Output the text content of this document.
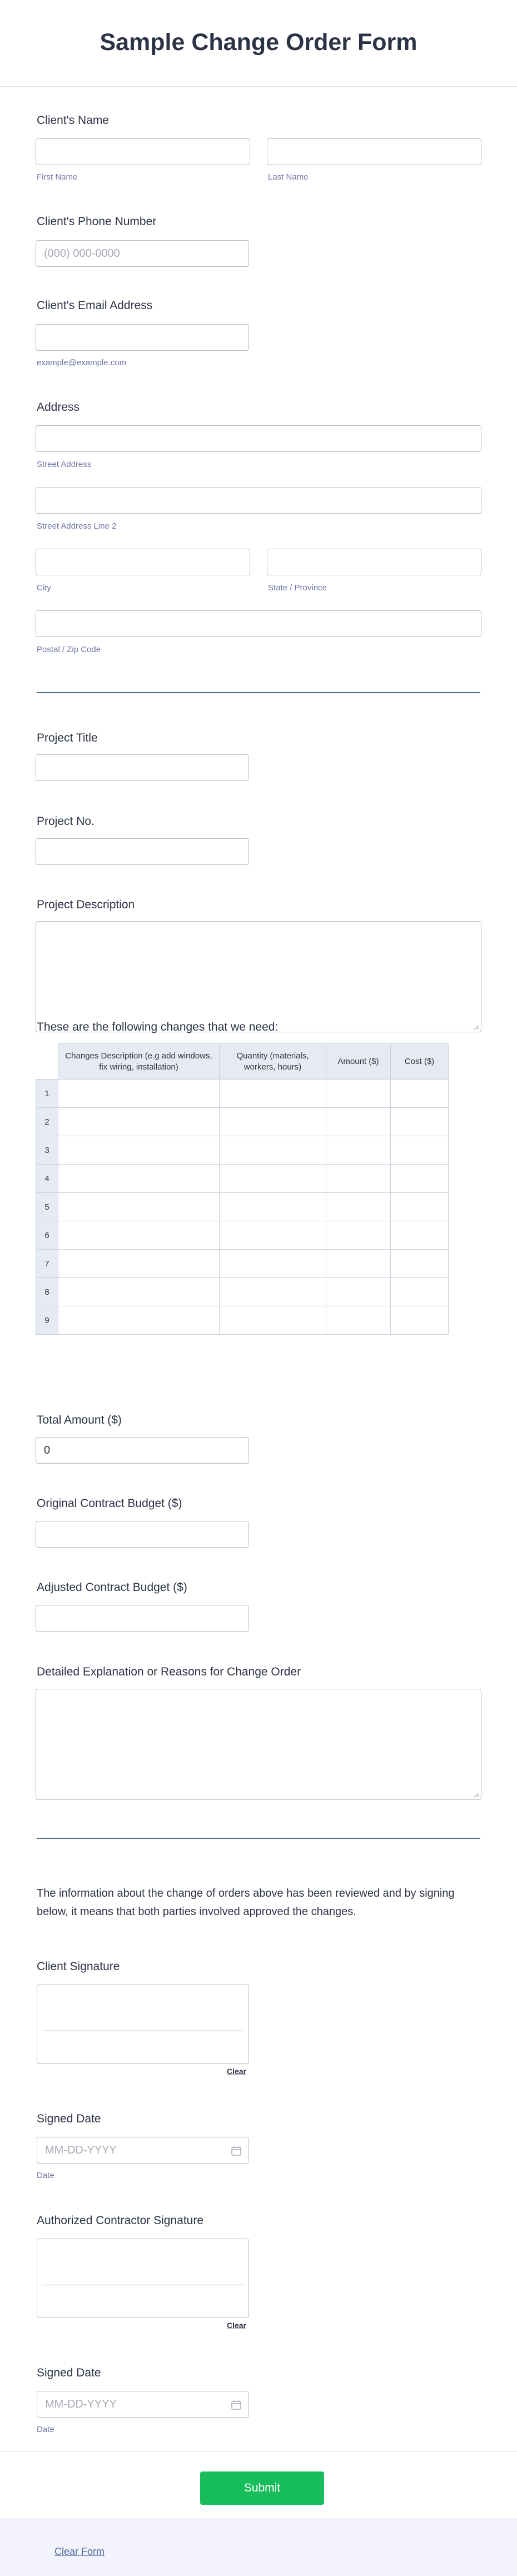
Sample Change Order Form
Client's Name
First Name	Last Name
Client's Phone Number
(000) 000-0000
Client's Email Address
example@example.com
Address
Street Address
Street Address Line 2
City	State / Province
Postal / Zip Code
Project Title
Project No.
Project Description
These are the following changes that we need:
	Changes Description (e.g add windows, fix wiring, installation)	Quantity (materials, workers, hours)	Amount ($)	Cost ($)
1				
2				
3				
4				
5				
6				
7				
8				
9				
Total Amount ($)
0
Original Contract Budget ($)
Adjusted Contract Budget ($)
Detailed Explanation or Reasons for Change Order
The information about the change of orders above has been reviewed and by signing below, it means that both parties involved approved the changes.
Client Signature
Clear
Signed Date
MM-DD-YYYY
Date
Authorized Contractor Signature
Clear
Signed Date
MM-DD-YYYY
Date
Submit
Clear Form
